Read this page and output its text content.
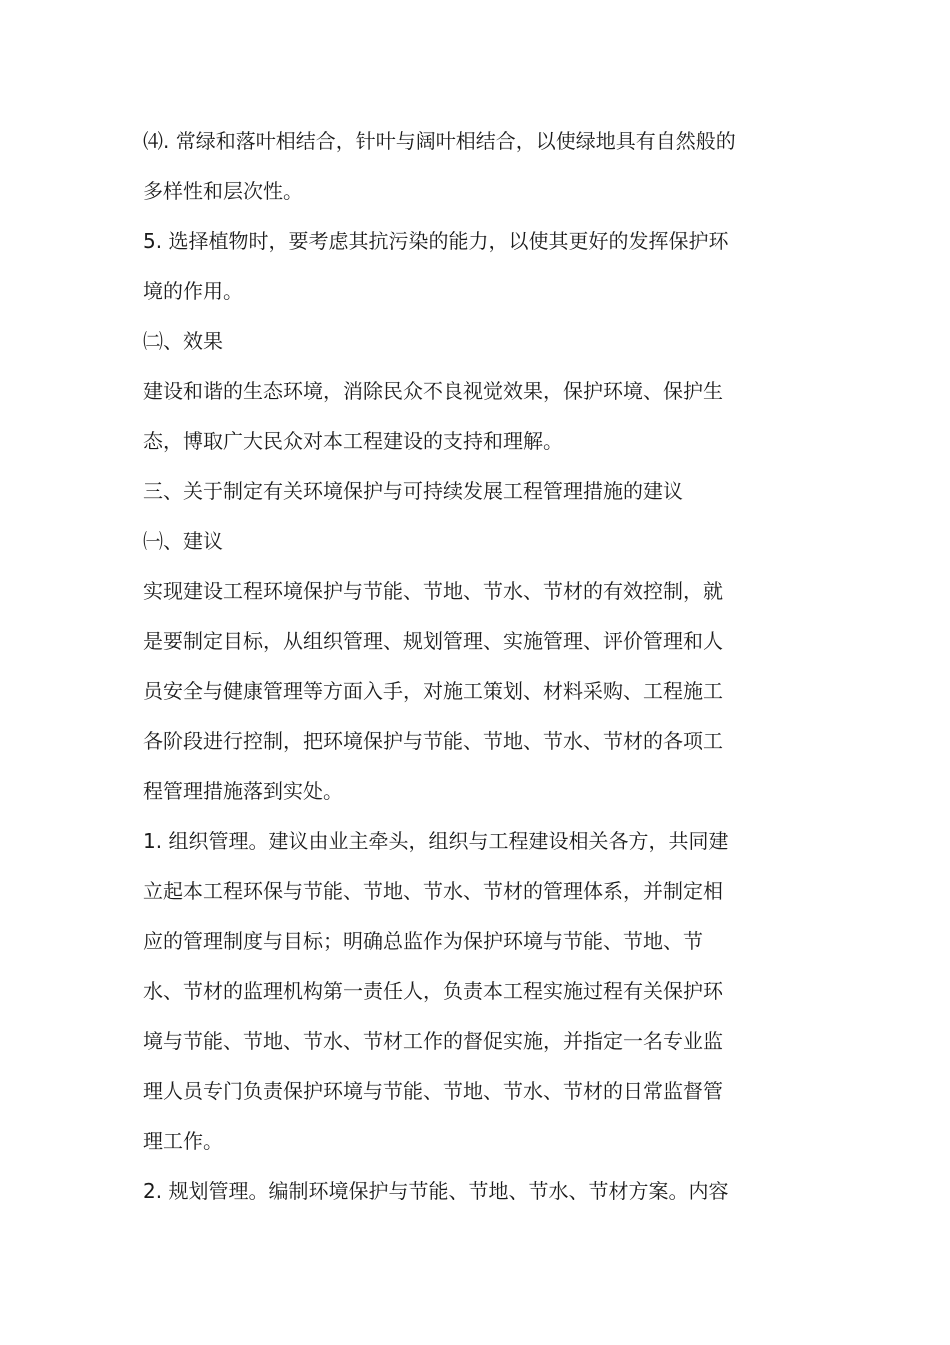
⑷. 常绿和落叶相结合，针叶与阔叶相结合，以使绿地具有自然般的

多样性和层次性。

5. 选择植物时，要考虑其抗污染的能力，以使其更好的发挥保护环

境的作用。

㈡、效果

建设和谐的生态环境，消除民众不良视觉效果，保护环境、保护生

态，博取广大民众对本工程建设的支持和理解。

三、关于制定有关环境保护与可持续发展工程管理措施的建议

㈠、建议

实现建设工程环境保护与节能、节地、节水、节材的有效控制，就

是要制定目标，从组织管理、规划管理、实施管理、评价管理和人

员安全与健康管理等方面入手，对施工策划、材料采购、工程施工

各阶段进行控制，把环境保护与节能、节地、节水、节材的各项工

程管理措施落到实处。

1. 组织管理。建议由业主牵头，组织与工程建设相关各方，共同建

立起本工程环保与节能、节地、节水、节材的管理体系，并制定相

应的管理制度与目标；明确总监作为保护环境与节能、节地、节

水、节材的监理机构第一责任人，负责本工程实施过程有关保护环

境与节能、节地、节水、节材工作的督促实施，并指定一名专业监

理人员专门负责保护环境与节能、节地、节水、节材的日常监督管

理工作。

2. 规划管理。编制环境保护与节能、节地、节水、节材方案。内容
